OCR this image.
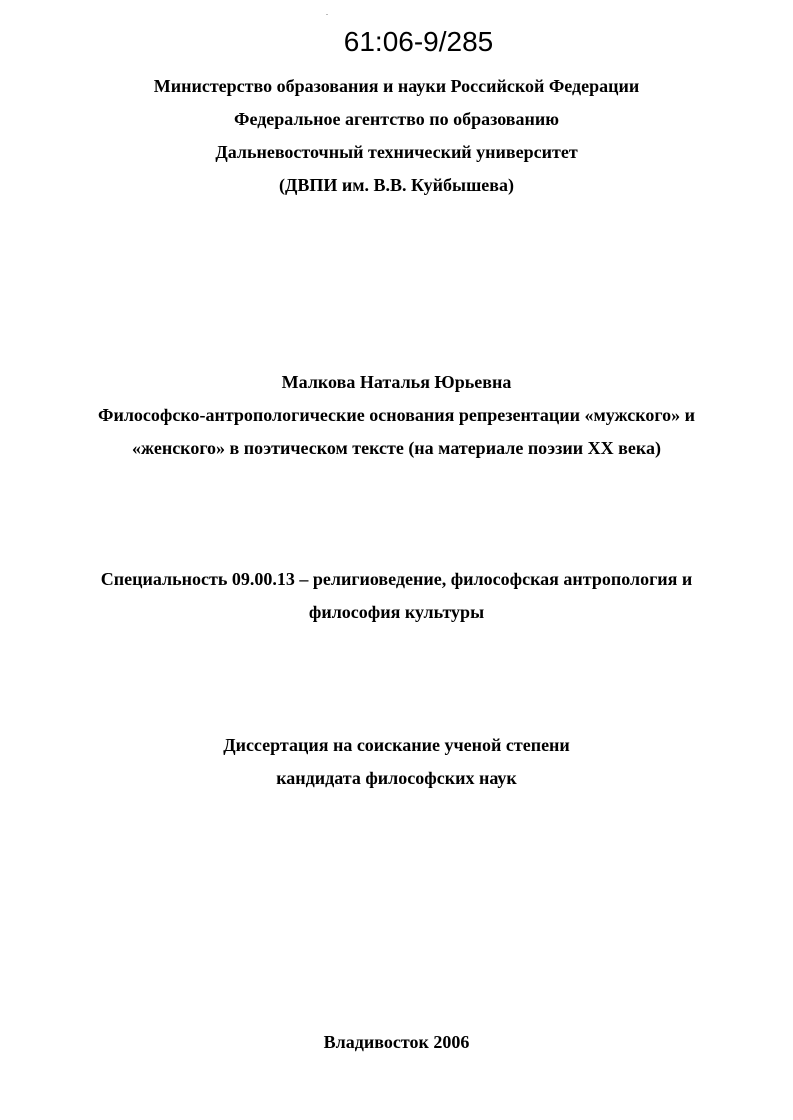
61:06-9/285

Министерство образования и науки Российской Федерации

Федеральное агентство по образованию

Дальневосточный технический университет

(ДВПИ им. В.В. Куйбышева)

Малкова Наталья Юрьевна

Философско-антропологические основания репрезентации «мужского» и

«женского» в поэтическом тексте (на материале поэзии XX века)

Специальность 09.00.13 – религиоведение, философская антропология и

философия культуры

Диссертация на соискание ученой степени

кандидата философских наук

Владивосток 2006
